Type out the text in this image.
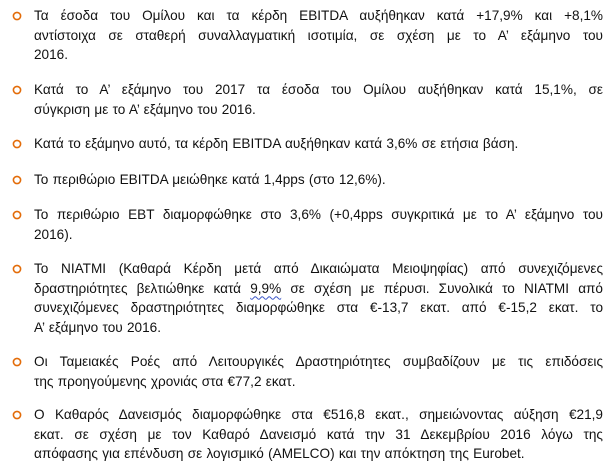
Τα έσοδα του Ομίλου και τα κέρδη EBITDA αυξήθηκαν κατά +17,9% και +8,1%
αντίστοιχα σε σταθερή συναλλαγματική ισοτιμία, σε σχέση με το Α’ εξάμηνο του
2016.
Κατά το Α’ εξάμηνο του 2017 τα έσοδα του Ομίλου αυξήθηκαν κατά 15,1%, σε
σύγκριση με το Α’ εξάμηνο του 2016.
Κατά το εξάμηνο αυτό, τα κέρδη EBITDA αυξήθηκαν κατά 3,6% σε ετήσια βάση.
Το περιθώριο EBITDA μειώθηκε κατά 1,4pps (στο 12,6%).
Το περιθώριο EBT διαμορφώθηκε στο 3,6% (+0,4pps συγκριτικά με το Α’ εξάμηνο του
2016).
Το NIATMI (Καθαρά Κέρδη μετά από Δικαιώματα Μειοψηφίας) από συνεχιζόμενες
δραστηριότητες βελτιώθηκε κατά 9,9% σε σχέση με πέρυσι. Συνολικά το NIATMI από
συνεχιζόμενες δραστηριότητες διαμορφώθηκε στα €-13,7 εκατ. από €-15,2 εκατ. το
Α’ εξάμηνο του 2016.
Οι Ταμειακές Ροές από Λειτουργικές Δραστηριότητες συμβαδίζουν με τις επιδόσεις
της προηγούμενης χρονιάς στα €77,2 εκατ.
Ο Καθαρός Δανεισμός διαμορφώθηκε στα €516,8 εκατ., σημειώνοντας αύξηση €21,9
εκατ. σε σχέση με τον Καθαρό Δανεισμό κατά την 31 Δεκεμβρίου 2016 λόγω της
απόφασης για επένδυση σε λογισμικό (AMELCO) και την απόκτηση της Eurobet.
